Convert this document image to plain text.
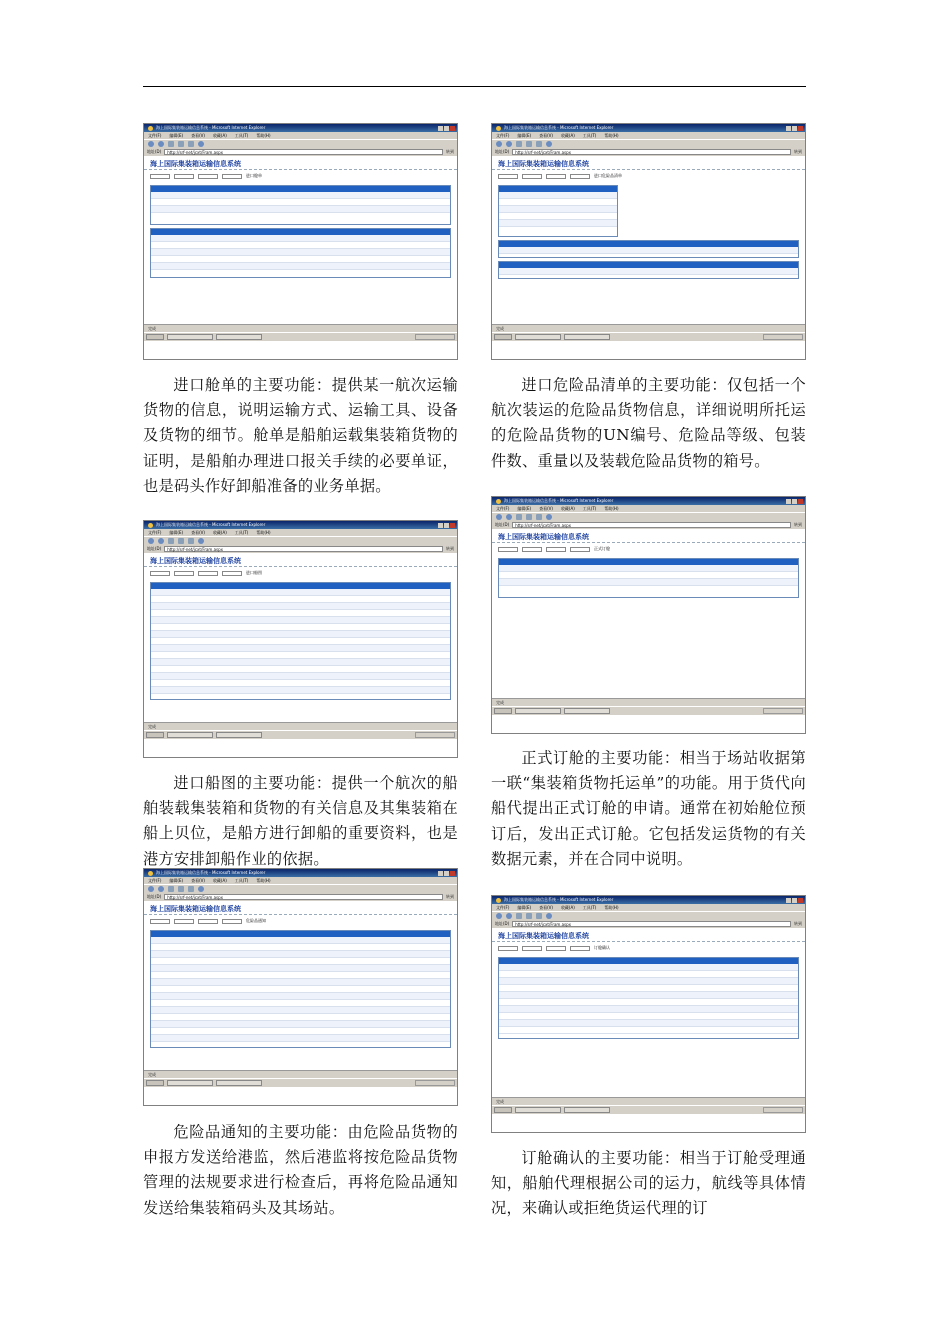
海上国际集装箱运输信息系统 - Microsoft Internet Explorer
文件(F) 编辑(E) 查看(V) 收藏(A) 工具(T) 帮助(H)
地址(D)	http://srf-net/jcxt/Fram.aspx	转到
海上国际集装箱运输信息系统
进口舱单
完成
进口舱单的主要功能：提供某一航次运输货物的信息，说明运输方式、运输工具、设备及货物的细节。舱单是船舶运载集装箱货物的证明，是船舶办理进口报关手续的必要单证，也是码头作好卸船准备的业务单据。
海上国际集装箱运输信息系统 - Microsoft Internet Explorer
文件(F) 编辑(E) 查看(V) 收藏(A) 工具(T) 帮助(H)
地址(D)	http://srf-net/jcxt/Fram.aspx	转到
海上国际集装箱运输信息系统
进口船图
完成
进口船图的主要功能：提供一个航次的船舶装载集装箱和货物的有关信息及其集装箱在船上贝位，是船方进行卸船的重要资料，也是港方安排卸船作业的依据。
海上国际集装箱运输信息系统 - Microsoft Internet Explorer
文件(F) 编辑(E) 查看(V) 收藏(A) 工具(T) 帮助(H)
地址(D)	http://srf-net/jcxt/Fram.aspx	转到
海上国际集装箱运输信息系统
危险品通知
完成
危险品通知的主要功能：由危险品货物的申报方发送给港监，然后港监将按危险品货物管理的法规要求进行检查后，再将危险品通知发送给集装箱码头及其场站。
海上国际集装箱运输信息系统 - Microsoft Internet Explorer
文件(F) 编辑(E) 查看(V) 收藏(A) 工具(T) 帮助(H)
地址(D)	http://srf-net/jcxt/Fram.aspx	转到
海上国际集装箱运输信息系统
进口危险品清单
完成
进口危险品清单的主要功能：仅包括一个航次装运的危险品货物信息，详细说明所托运的危险品货物的UN编号、危险品等级、包装件数、重量以及装载危险品货物的箱号。
海上国际集装箱运输信息系统 - Microsoft Internet Explorer
文件(F) 编辑(E) 查看(V) 收藏(A) 工具(T) 帮助(H)
地址(D)	http://srf-net/jcxt/Fram.aspx	转到
海上国际集装箱运输信息系统
正式订舱
完成
正式订舱的主要功能：相当于场站收据第一联“集装箱货物托运单”的功能。用于货代向船代提出正式订舱的申请。通常在初始舱位预订后，发出正式订舱。它包括发运货物的有关数据元素，并在合同中说明。
海上国际集装箱运输信息系统 - Microsoft Internet Explorer
文件(F) 编辑(E) 查看(V) 收藏(A) 工具(T) 帮助(H)
地址(D)	http://srf-net/jcxt/Fram.aspx	转到
海上国际集装箱运输信息系统
订舱确认
完成
订舱确认的主要功能：相当于订舱受理通知，船舶代理根据公司的运力，航线等具体情况，来确认或拒绝货运代理的订
